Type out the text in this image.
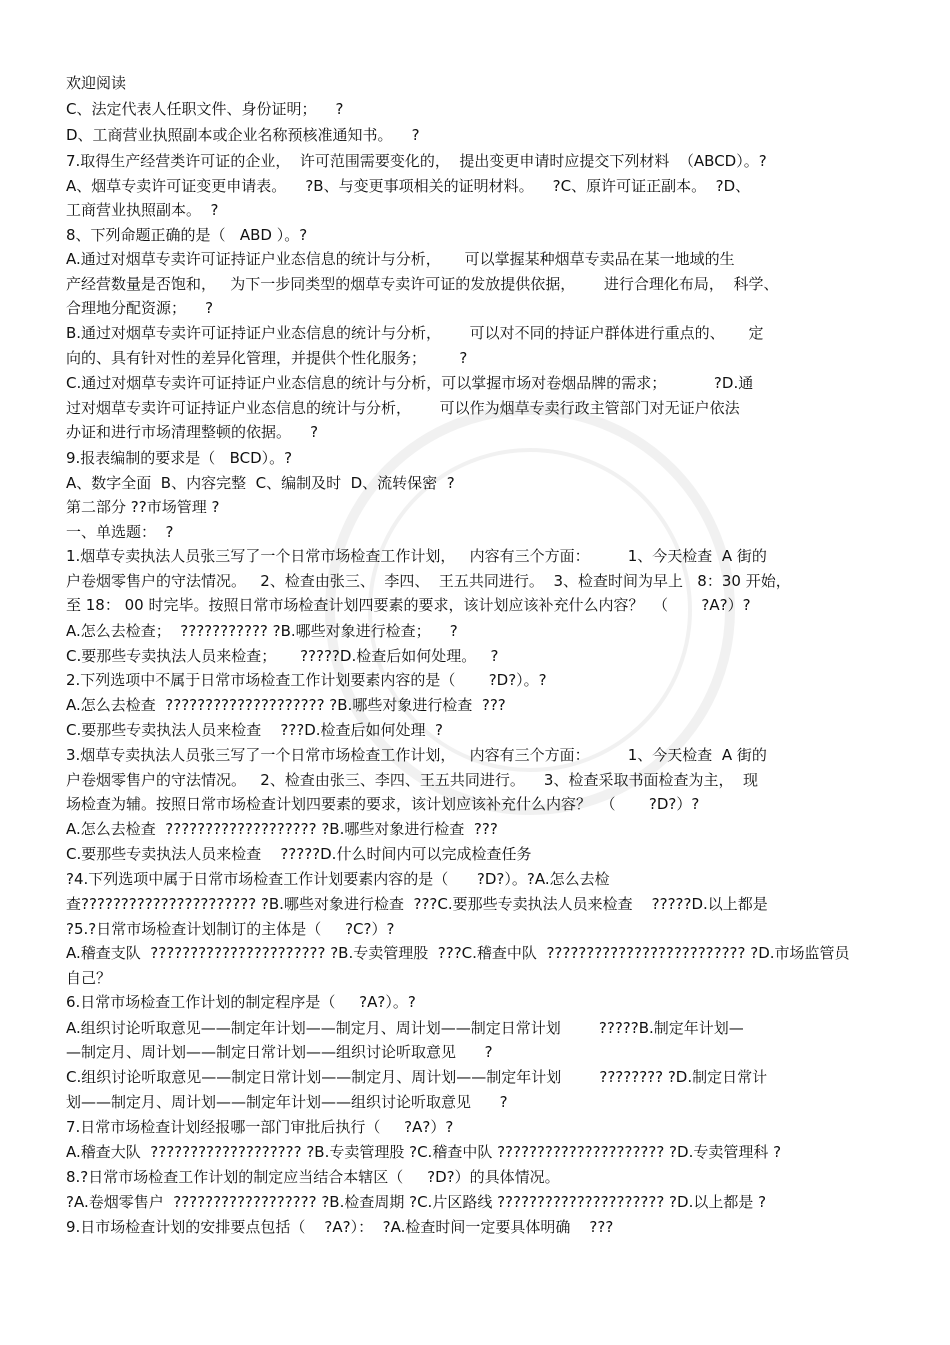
欢迎阅读
C、法定代表人任职文件、身份证明；    ?
D、工商营业执照副本或企业名称预核准通知书。    ?
7.取得生产经营类许可证的企业，  许可范围需要变化的，  提出变更申请时应提交下列材料  （ABCD）。?
A、烟草专卖许可证变更申请表。    ?B、与变更事项相关的证明材料。    ?C、原许可证正副本。  ?D、
工商营业执照副本。  ?
8、下列命题正确的是（   ABD ）。?
A.通过对烟草专卖许可证持证户业态信息的统计与分析，     可以掌握某种烟草专卖品在某一地域的生
产经营数量是否饱和，   为下一步同类型的烟草专卖许可证的发放提供依据，      进行合理化布局，  科学、
合理地分配资源；    ?
B.通过对烟草专卖许可证持证户业态信息的统计与分析，      可以对不同的持证户群体进行重点的、     定
向的、具有针对性的差异化管理，并提供个性化服务；       ?
C.通过对烟草专卖许可证持证户业态信息的统计与分析，可以掌握市场对卷烟品牌的需求；          ?D.通
过对烟草专卖许可证持证户业态信息的统计与分析，      可以作为烟草专卖行政主管部门对无证户依法
办证和进行市场清理整顿的依据。    ?
9.报表编制的要求是（   BCD）。?
A、数字全面  B、内容完整  C、编制及时  D、流转保密  ?
第二部分 ??市场管理 ?
一、单选题：  ?
1.烟草专卖执法人员张三写了一个日常市场检查工作计划，   内容有三个方面：        1、今天检查  A 街的
户卷烟零售户的守法情况。   2、检查由张三、  李四、  王五共同进行。  3、检查时间为早上   8：30 开始，
至 18： 00 时完毕。按照日常市场检查计划四要素的要求，该计划应该补充什么内容？  （       ?A?）?
A.怎么去检查；  ??????????? ?B.哪些对象进行检查；    ?
C.要那些专卖执法人员来检查；     ?????D.检查后如何处理。   ?
2.下列选项中不属于日常市场检查工作计划要素内容的是（       ?D?）。?
A.怎么去检查  ???????????????????? ?B.哪些对象进行检查  ???
C.要那些专卖执法人员来检查    ???D.检查后如何处理  ?
3.烟草专卖执法人员张三写了一个日常市场检查工作计划，   内容有三个方面：        1、今天检查  A 街的
户卷烟零售户的守法情况。   2、检查由张三、李四、王五共同进行。    3、检查采取书面检查为主，  现
场检查为辅。按照日常市场检查计划四要素的要求，该计划应该补充什么内容？  （       ?D?）?
A.怎么去检查  ??????????????????? ?B.哪些对象进行检查  ???
C.要那些专卖执法人员来检查    ?????D.什么时间内可以完成检查任务
?4.下列选项中属于日常市场检查工作计划要素内容的是（      ?D?）。?A.怎么去检
查?????????????????????? ?B.哪些对象进行检查  ???C.要那些专卖执法人员来检查    ?????D.以上都是
?5.?日常市场检查计划制订的主体是（     ?C?）?
A.稽查支队  ?????????????????????? ?B.专卖管理股  ???C.稽查中队  ????????????????????????? ?D.市场监管员
自己？
6.日常市场检查工作计划的制定程序是（     ?A?）。?
A.组织讨论听取意见——制定年计划——制定月、周计划——制定日常计划        ?????B.制定年计划—
—制定月、周计划——制定日常计划——组织讨论听取意见      ?
C.组织讨论听取意见——制定日常计划——制定月、周计划——制定年计划        ???????? ?D.制定日常计
划——制定月、周计划——制定年计划——组织讨论听取意见      ?
7.日常市场检查计划经报哪一部门审批后执行（     ?A?）?
A.稽查大队  ??????????????????? ?B.专卖管理股 ?C.稽查中队 ????????????????????? ?D.专卖管理科 ?
8.?日常市场检查工作计划的制定应当结合本辖区（     ?D?）的具体情况。
?A.卷烟零售户  ?????????????????? ?B.检查周期 ?C.片区路线 ????????????????????? ?D.以上都是 ?
9.日市场检查计划的安排要点包括（    ?A?）：  ?A.检查时间一定要具体明确    ???
